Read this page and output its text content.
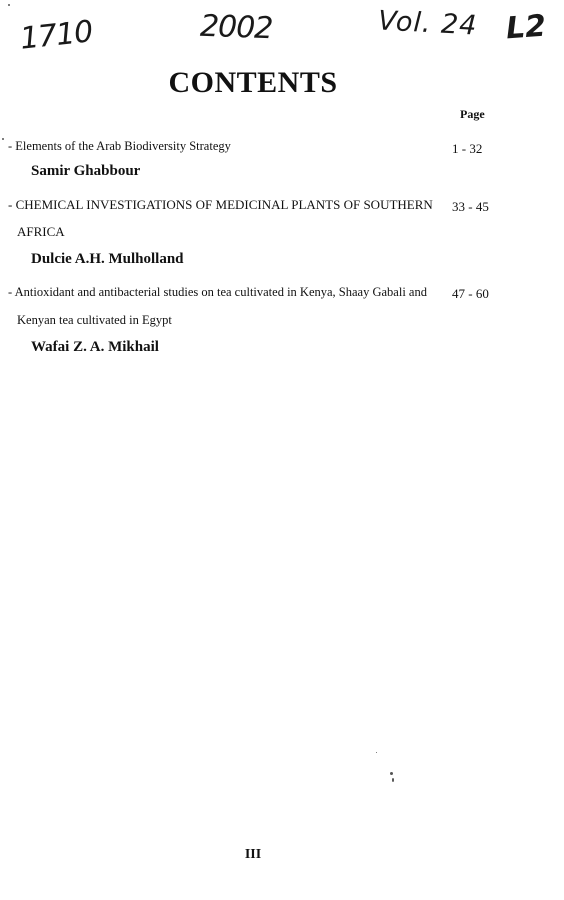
1710	2002	Vol. 24 L2
CONTENTS
Page
- Elements of the Arab Biodiversity Strategy	1 - 32
Samir Ghabbour
- CHEMICAL INVESTIGATIONS OF MEDICINAL PLANTS OF SOUTHERN 33 - 45
AFRICA
Dulcie A.H. Mulholland
- Antioxidant and antibacterial studies on tea cultivated in Kenya, Shaay Gabali and 47 - 60
Kenyan tea cultivated in Egypt
Wafai Z. A. Mikhail
III
